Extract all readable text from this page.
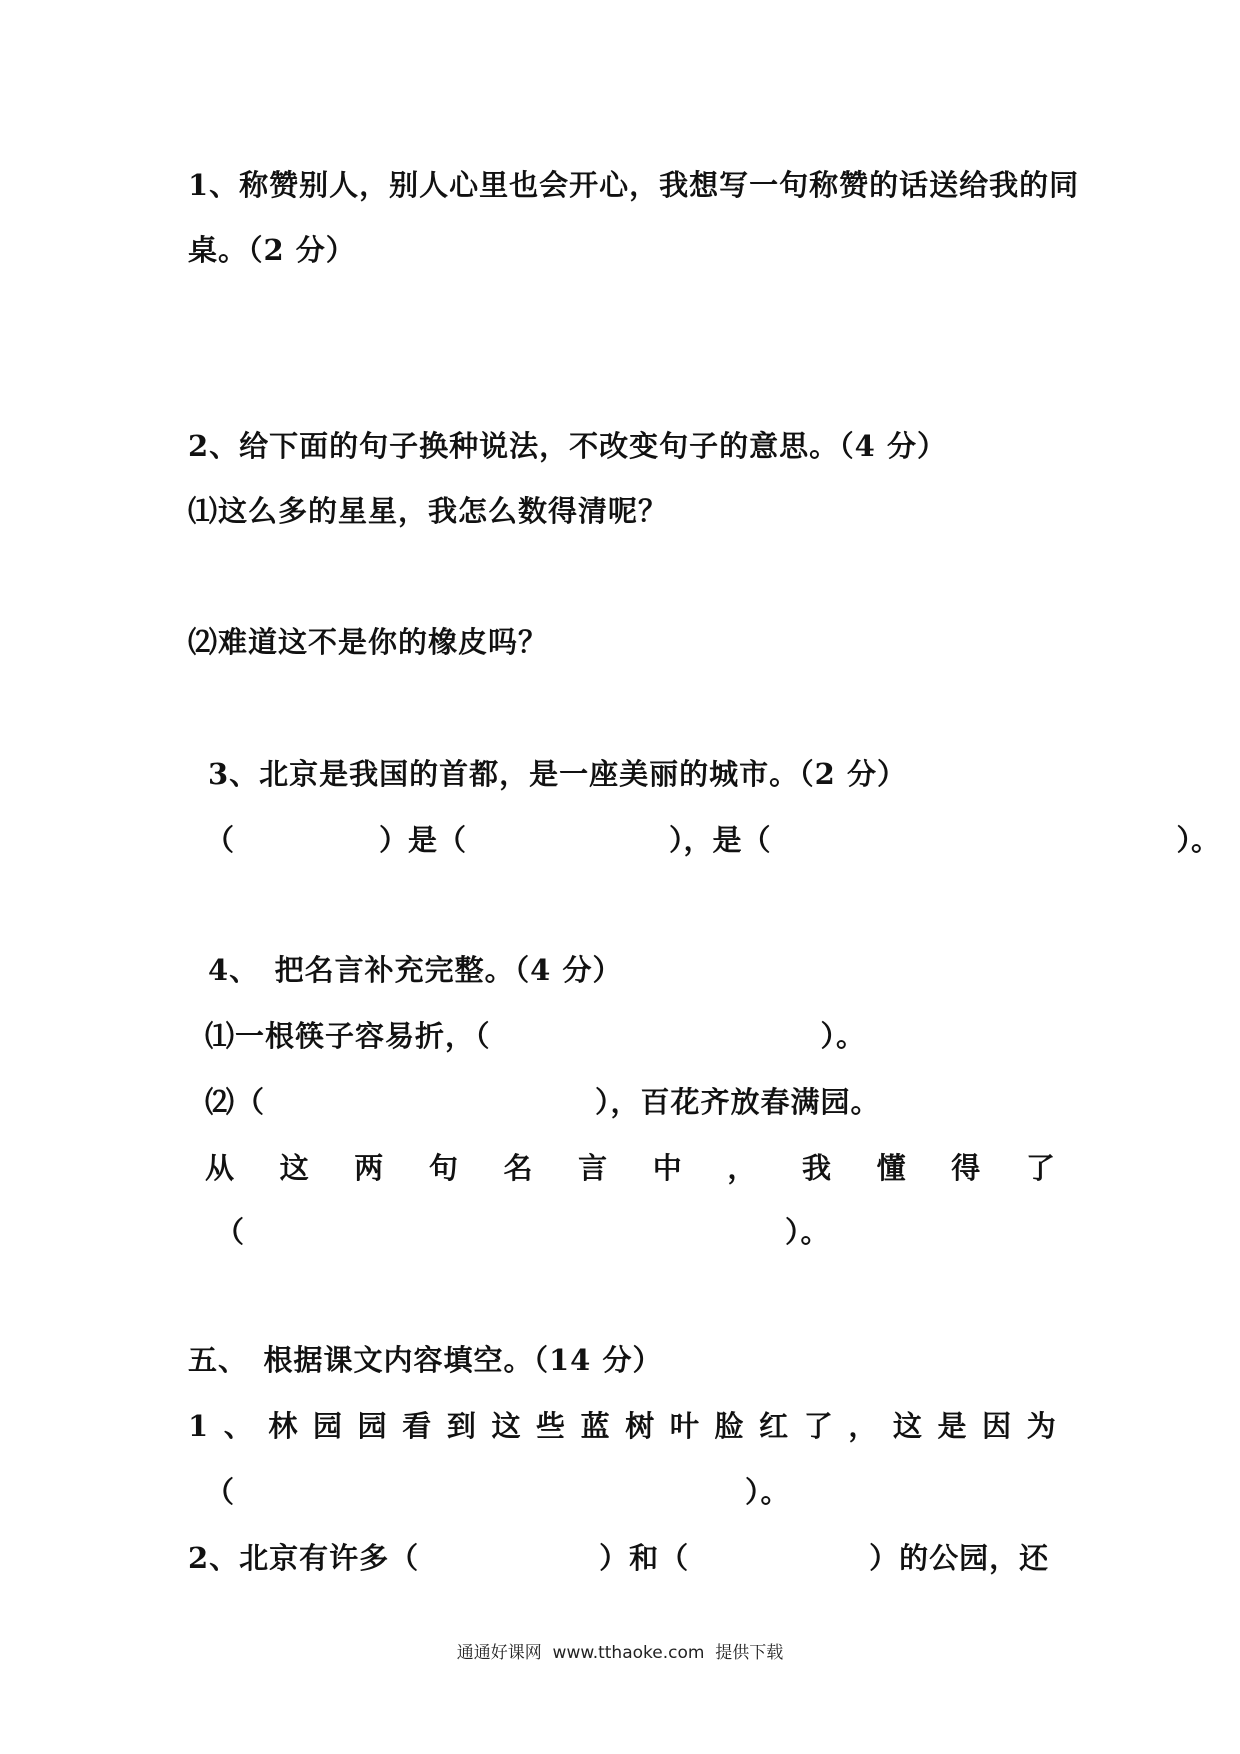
1、称赞别人，别人心里也会开心，我想写一句称赞的话送给我的同
桌。（2 分）
2、给下面的句子换种说法，不改变句子的意思。（4 分）
⑴这么多的星星，我怎么数得清呢？
⑵难道这不是你的橡皮吗？
3、北京是我国的首都，是一座美丽的城市。（2 分）
（　　　　　）是（　　　　　　　），是（　　　　　　　　　　　　　　）。
4、　把名言补充完整。（4 分）
⑴一根筷子容易折，（　　　　　　　　　　　）。
⑵（　　　　　　　　　　　），百花齐放春满园。
从 这 两 句 名 言 中 ， 我 懂 得 了
（　　　　　　　　　　　　　　　　　　）。
五、　根据课文内容填空。（14 分）
1 、 林 园 园 看 到 这 些 蓝 树 叶 脸 红 了 ， 这 是 因 为
（　　　　　　　　　　　　　　　　　）。
2、北京有许多（　　　　　　）和（　　　　　　）的公园，还
通通好课网  www.tthaoke.com  提供下载
